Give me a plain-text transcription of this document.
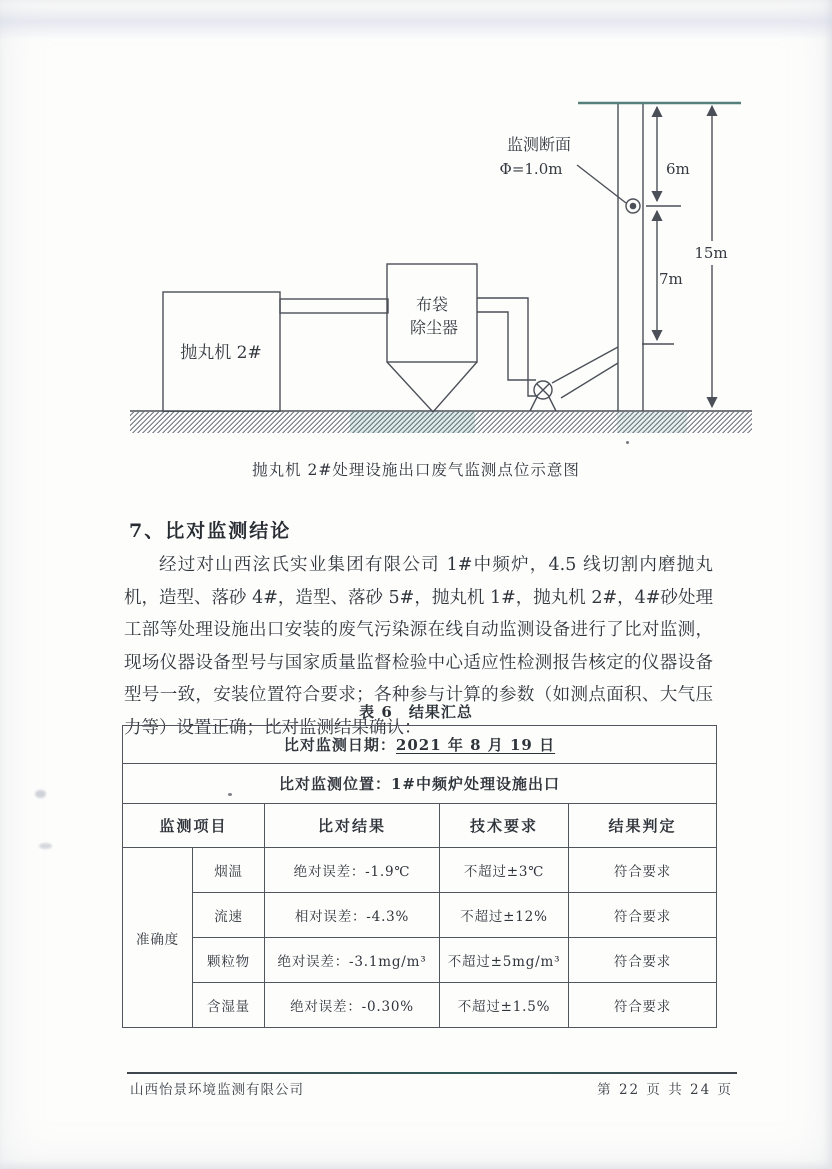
抛丸机 2#
布袋
除尘器
监测断面
Φ=1.0m	6m
7m
15m
抛丸机 2#处理设施出口废气监测点位示意图
7、比对监测结论
经过对山西泫氏实业集团有限公司 1#中频炉，4.5 线切割内磨抛丸机，造型、落砂 4#，造型、落砂 5#，抛丸机 1#，抛丸机 2#，4#砂处理工部等处理设施出口安装的废气污染源在线自动监测设备进行了比对监测，现场仪器设备型号与国家质量监督检验中心适应性检测报告核定的仪器设备型号一致，安装位置符合要求；各种参与计算的参数（如测点面积、大气压力等）设置正确；比对监测结果确认：
表 6　结果汇总
比对监测日期：2021 年 8 月 19 日				
比对监测位置：1#中频炉处理设施出口				
监测项目		比对结果	技术要求	结果判定
准确度	烟温	绝对误差：-1.9℃	不超过±3℃	符合要求
	流速	相对误差：-4.3%	不超过±12%	符合要求
	颗粒物	绝对误差：-3.1mg/m³	不超过±5mg/m³	符合要求
	含湿量	绝对误差：-0.30%	不超过±1.5%	符合要求
山西怡景环境监测有限公司	第 22 页 共 24 页
